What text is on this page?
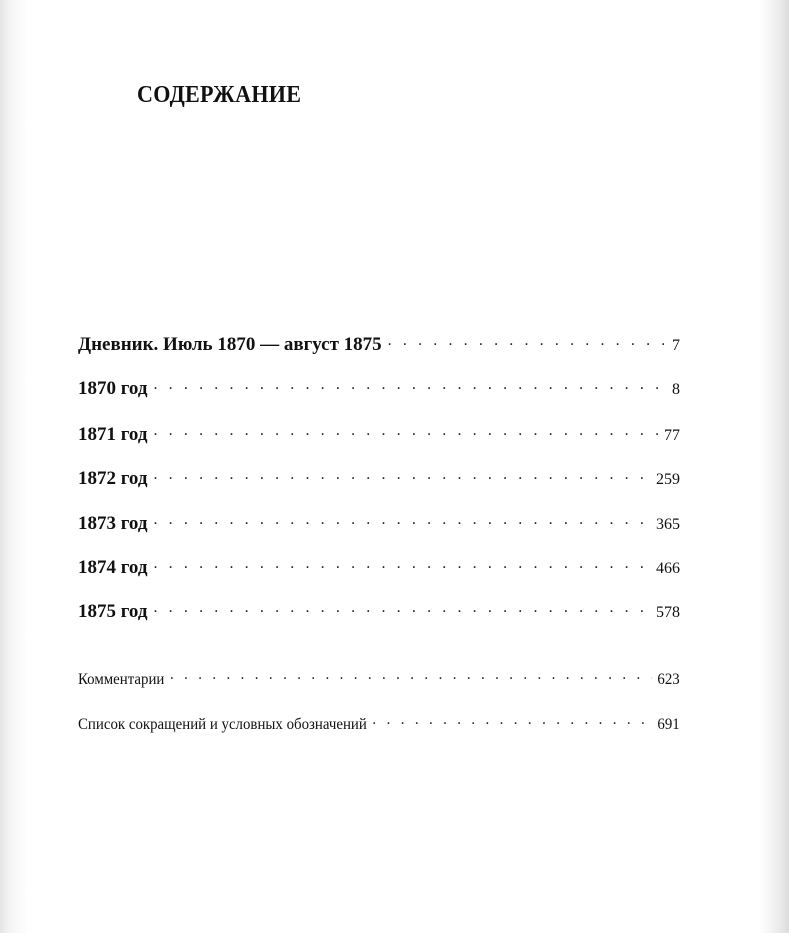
СОДЕРЖАНИЕ
Дневник. Июль 1870 — август 1875 . . .	7
1870 год . . .	8
1871 год . . .	77
1872 год . . .	259
1873 год . . .	365
1874 год . . .	466
1875 год . . .	578
Комментарии . . .	623
Список сокращений и условных обозначений . . .	691
